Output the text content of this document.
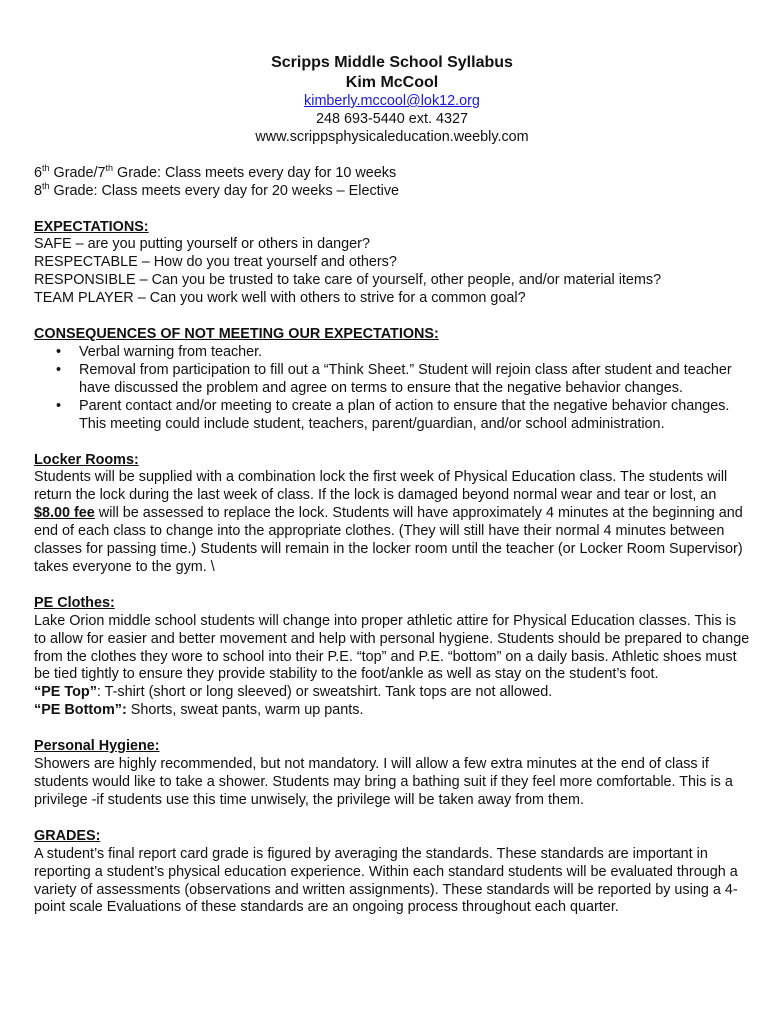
Scripps Middle School Syllabus
Kim McCool
kimberly.mccool@lok12.org
248 693-5440 ext. 4327
www.scrippsphysicaleducation.weebly.com

6th Grade/7th Grade: Class meets every day for 10 weeks

8th Grade: Class meets every day for 20 weeks – Elective

EXPECTATIONS:

SAFE – are you putting yourself or others in danger?

RESPECTABLE – How do you treat yourself and others?

RESPONSIBLE – Can you be trusted to take care of yourself, other people, and/or material items?

TEAM PLAYER – Can you work well with others to strive for a common goal?

CONSEQUENCES OF NOT MEETING OUR EXPECTATIONS:

• Verbal warning from teacher.
• Removal from participation to fill out a “Think Sheet.” Student will rejoin class after student and teacher have discussed the problem and agree on terms to ensure that the negative behavior changes.
• Parent contact and/or meeting to create a plan of action to ensure that the negative behavior changes. This meeting could include student, teachers, parent/guardian, and/or school administration.

Locker Rooms:

Students will be supplied with a combination lock the first week of Physical Education class. The students will return the lock during the last week of class. If the lock is damaged beyond normal wear and tear or lost, an $8.00 fee will be assessed to replace the lock. Students will have approximately 4 minutes at the beginning and end of each class to change into the appropriate clothes. (They will still have their normal 4 minutes between classes for passing time.) Students will remain in the locker room until the teacher (or Locker Room Supervisor) takes everyone to the gym. \

PE Clothes:

Lake Orion middle school students will change into proper athletic attire for Physical Education classes. This is to allow for easier and better movement and help with personal hygiene. Students should be prepared to change from the clothes they wore to school into their P.E. “top” and P.E. “bottom” on a daily basis. Athletic shoes must be tied tightly to ensure they provide stability to the foot/ankle as well as stay on the student’s foot.

“PE Top”: T-shirt (short or long sleeved) or sweatshirt. Tank tops are not allowed.

“PE Bottom”: Shorts, sweat pants, warm up pants.

Personal Hygiene:

Showers are highly recommended, but not mandatory. I will allow a few extra minutes at the end of class if students would like to take a shower. Students may bring a bathing suit if they feel more comfortable. This is a privilege -if students use this time unwisely, the privilege will be taken away from them.

GRADES:

A student’s final report card grade is figured by averaging the standards. These standards are important in reporting a student’s physical education experience. Within each standard students will be evaluated through a variety of assessments (observations and written assignments). These standards will be reported by using a 4-point scale Evaluations of these standards are an ongoing process throughout each quarter.
